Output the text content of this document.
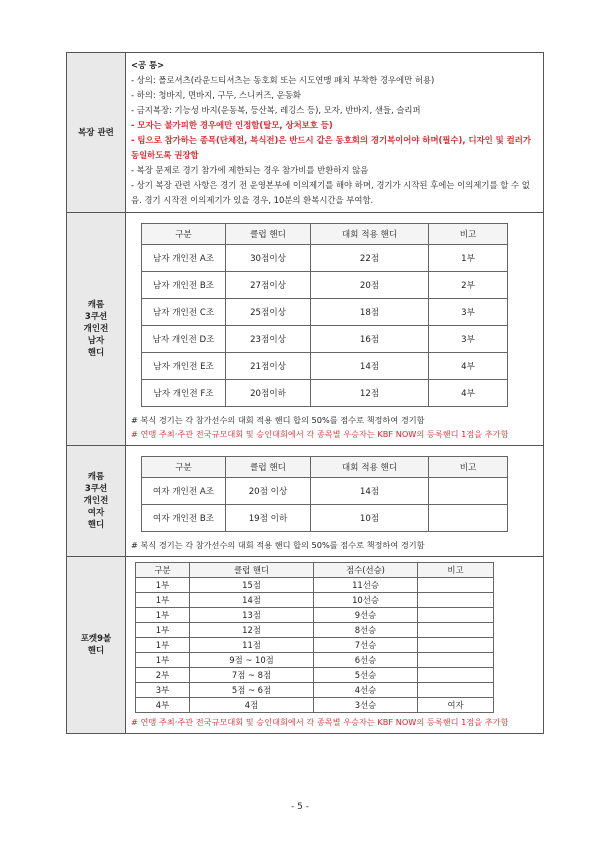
복장 관련	
<공 통>
- 상의: 폴로셔츠(라운드티셔츠는 동호회 또는 시도연맹 패치 부착한 경우에만 허용)
- 하의: 청바지, 면바지, 구두, 스니커즈, 운동화
- 금지복장: 기능성 바지(운동복, 등산복, 레깅스 등), 모자, 반바지, 샌들, 슬리퍼
- 모자는 불가피한 경우에만 인정함(탈모, 상처보호 등)
- 팀으로 참가하는 종목(단체전, 복식전)은 반드시 같은 동호회의 경기복이어야 하며(필수), 디자인 및 컬러가 동일하도록 권장함
- 복장 문제로 경기 참가에 제한되는 경우 참가비를 반환하지 않음
- 상기 복장 관련 사항은 경기 전 운영본부에 이의제기를 해야 하며, 경기가 시작된 후에는 이의제기를 할 수 없음. 경기 시작전 이의제기가 있을 경우, 10분의 환복시간을 부여함.

캐롬
3쿠션
개인전
남자
핸디

구분	클럽 핸디	대회 적용 핸디	비고
남자 개인전 A조	30점이상	22점	1부
남자 개인전 B조	27점이상	20점	2부
남자 개인전 C조	25점이상	18점	3부
남자 개인전 D조	23점이상	16점	3부
남자 개인전 E조	21점이상	14점	4부
남자 개인전 F조	20점이하	12점	4부
# 복식 경기는 각 참가선수의 대회 적용 핸디 합의 50%를 점수로 책정하여 경기함
# 연맹 주최·주관 전국규모대회 및 승인대회에서 각 종목별 우승자는 KBF NOW의 등록핸디 1점을 추가함

캐롬
3쿠션
개인전
여자
핸디

구분	클럽 핸디	대회 적용 핸디	비고
여자 개인전 A조	20점 이상	14점	
여자 개인전 B조	19점 이하	10점	
# 복식 경기는 각 참가선수의 대회 적용 핸디 합의 50%를 점수로 책정하여 경기함

포켓9볼
핸디

구분	클럽 핸디	점수(선승)	비고
1부	15점	11선승	
1부	14점	10선승	
1부	13점	9선승	
1부	12점	8선승	
1부	11점	7선승	
1부	9점 ~ 10점	6선승	
2부	7점 ~ 8점	5선승	
3부	5점 ~ 6점	4선승	
4부	4점	3선승	여자
# 연맹 주최·주관 전국규모대회 및 승인대회에서 각 종목별 우승자는 KBF NOW의 등록핸디 1점을 추가함
- 5 -
